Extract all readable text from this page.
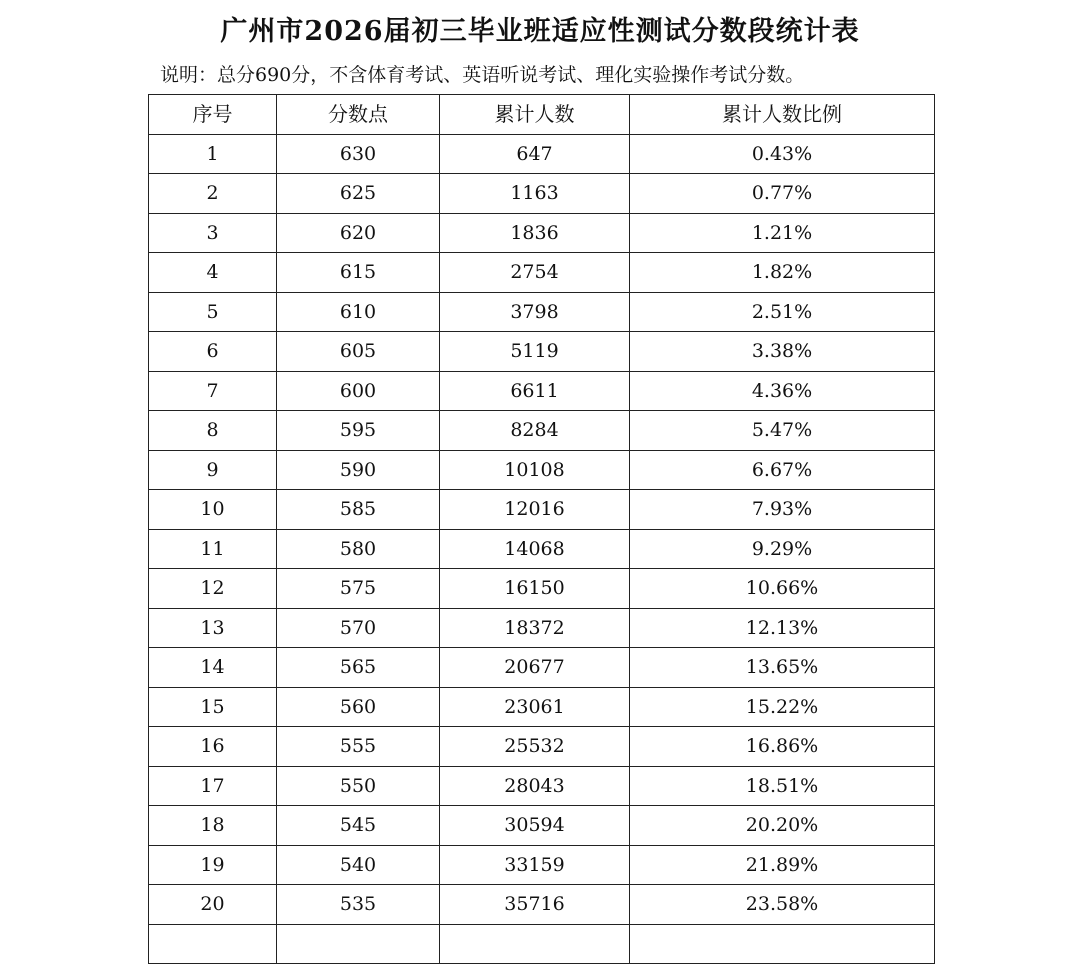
广州市2026届初三毕业班适应性测试分数段统计表
说明：总分690分，不含体育考试、英语听说考试、理化实验操作考试分数。
序号	分数点	累计人数	累计人数比例
1	630	647	0.43%
2	625	1163	0.77%
3	620	1836	1.21%
4	615	2754	1.82%
5	610	3798	2.51%
6	605	5119	3.38%
7	600	6611	4.36%
8	595	8284	5.47%
9	590	10108	6.67%
10	585	12016	7.93%
11	580	14068	9.29%
12	575	16150	10.66%
13	570	18372	12.13%
14	565	20677	13.65%
15	560	23061	15.22%
16	555	25532	16.86%
17	550	28043	18.51%
18	545	30594	20.20%
19	540	33159	21.89%
20	535	35716	23.58%
